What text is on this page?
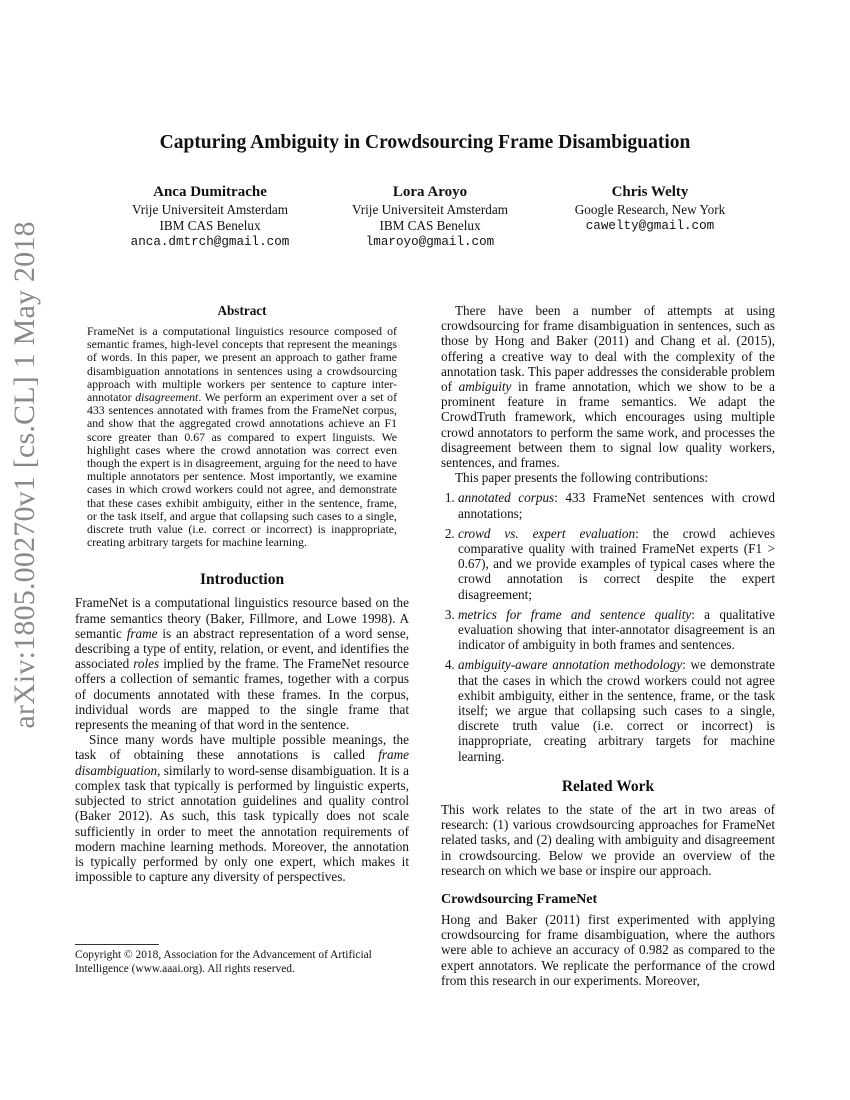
arXiv:1805.00270v1 [cs.CL] 1 May 2018
Capturing Ambiguity in Crowdsourcing Frame Disambiguation
Anca Dumitrache
Vrije Universiteit Amsterdam
IBM CAS Benelux
anca.dmtrch@gmail.com
Lora Aroyo
Vrije Universiteit Amsterdam
IBM CAS Benelux
lmaroyo@gmail.com
Chris Welty
Google Research, New York
cawelty@gmail.com
Abstract

FrameNet is a computational linguistics resource composed of semantic frames, high-level concepts that represent the meanings of words. In this paper, we present an approach to gather frame disambiguation annotations in sentences using a crowdsourcing approach with multiple workers per sentence to capture inter-annotator disagreement. We perform an experiment over a set of 433 sentences annotated with frames from the FrameNet corpus, and show that the aggregated crowd annotations achieve an F1 score greater than 0.67 as compared to expert linguists. We highlight cases where the crowd annotation was correct even though the expert is in disagreement, arguing for the need to have multiple annotators per sentence. Most importantly, we examine cases in which crowd workers could not agree, and demonstrate that these cases exhibit ambiguity, either in the sentence, frame, or the task itself, and argue that collapsing such cases to a single, discrete truth value (i.e. correct or incorrect) is inappropriate, creating arbitrary targets for machine learning.

Introduction

FrameNet is a computational linguistics resource based on the frame semantics theory (Baker, Fillmore, and Lowe 1998). A semantic frame is an abstract representation of a word sense, describing a type of entity, relation, or event, and identifies the associated roles implied by the frame. The FrameNet resource offers a collection of semantic frames, together with a corpus of documents annotated with these frames. In the corpus, individual words are mapped to the single frame that represents the meaning of that word in the sentence.

Since many words have multiple possible meanings, the task of obtaining these annotations is called frame disambiguation, similarly to word-sense disambiguation. It is a complex task that typically is performed by linguistic experts, subjected to strict annotation guidelines and quality control (Baker 2012). As such, this task typically does not scale sufficiently in order to meet the annotation requirements of modern machine learning methods. Moreover, the annotation is typically performed by only one expert, which makes it impossible to capture any diversity of perspectives.

Copyright © 2018, Association for the Advancement of Artificial Intelligence (www.aaai.org). All rights reserved.

There have been a number of attempts at using crowdsourcing for frame disambiguation in sentences, such as those by Hong and Baker (2011) and Chang et al. (2015), offering a creative way to deal with the complexity of the annotation task. This paper addresses the considerable problem of ambiguity in frame annotation, which we show to be a prominent feature in frame semantics. We adapt the CrowdTruth framework, which encourages using multiple crowd annotators to perform the same work, and processes the disagreement between them to signal low quality workers, sentences, and frames.

This paper presents the following contributions:

1. annotated corpus: 433 FrameNet sentences with crowd annotations;
2. crowd vs. expert evaluation: the crowd achieves comparative quality with trained FrameNet experts (F1 > 0.67), and we provide examples of typical cases where the crowd annotation is correct despite the expert disagreement;
3. metrics for frame and sentence quality: a qualitative evaluation showing that inter-annotator disagreement is an indicator of ambiguity in both frames and sentences.
4. ambiguity-aware annotation methodology: we demonstrate that the cases in which the crowd workers could not agree exhibit ambiguity, either in the sentence, frame, or the task itself; we argue that collapsing such cases to a single, discrete truth value (i.e. correct or incorrect) is inappropriate, creating arbitrary targets for machine learning.
Related Work

This work relates to the state of the art in two areas of research: (1) various crowdsourcing approaches for FrameNet related tasks, and (2) dealing with ambiguity and disagreement in crowdsourcing. Below we provide an overview of the research on which we base or inspire our approach.

Crowdsourcing FrameNet

Hong and Baker (2011) first experimented with applying crowdsourcing for frame disambiguation, where the authors were able to achieve an accuracy of 0.982 as compared to the expert annotators. We replicate the performance of the crowd from this research in our experiments. Moreover,
